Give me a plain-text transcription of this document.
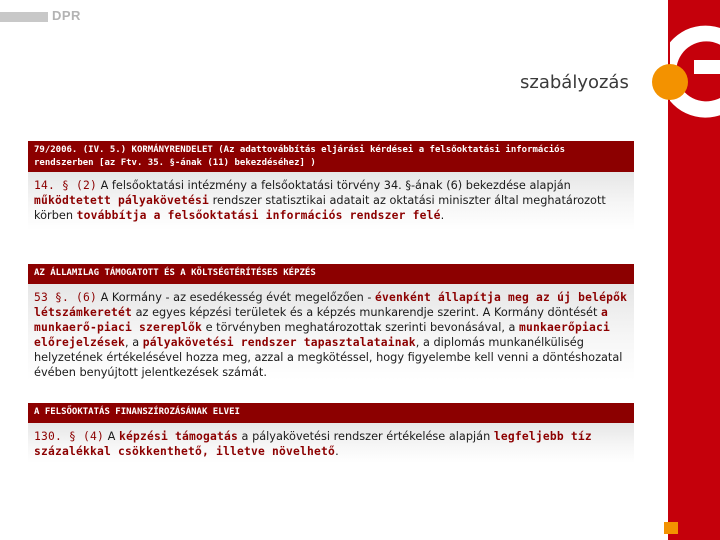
DPR
szabályozás
79/2006. (IV. 5.) KORMÁNYRENDELET (Az adattovábbítás eljárási kérdései a felsőoktatási információs rendszerben [az Ftv. 35. §-ának (11) bekezdéséhez] )
14. § (2) A felsőoktatási intézmény a felsőoktatási törvény 34. §-ának (6) bekezdése alapján működtetett pályakövetési rendszer statisztikai adatait az oktatási miniszter által meghatározott körben továbbítja a felsőoktatási információs rendszer felé.
AZ ÁLLAMILAG TÁMOGATOTT ÉS A KÖLTSÉGTÉRÍTÉSES KÉPZÉS
53 §. (6) A Kormány - az esedékesség évét megelőzően - évenként állapítja meg az új belépők létszámkeretét az egyes képzési területek és a képzés munkarendje szerint. A Kormány döntését a munkaerő-piaci szereplők e törvényben meghatározottak szerinti bevonásával, a munkaerőpiaci előrejelzések, a pályakövetési rendszer tapasztalatainak, a diplomás munkanélküliség helyzetének értékelésével hozza meg, azzal a megkötéssel, hogy figyelembe kell venni a döntéshozatal évében benyújtott jelentkezések számát.
A FELSŐOKTATÁS FINANSZÍROZÁSÁNAK ELVEI
130. § (4) A képzési támogatás a pályakövetési rendszer értékelése alapján legfeljebb tíz százalékkal csökkenthető, illetve növelhető.
